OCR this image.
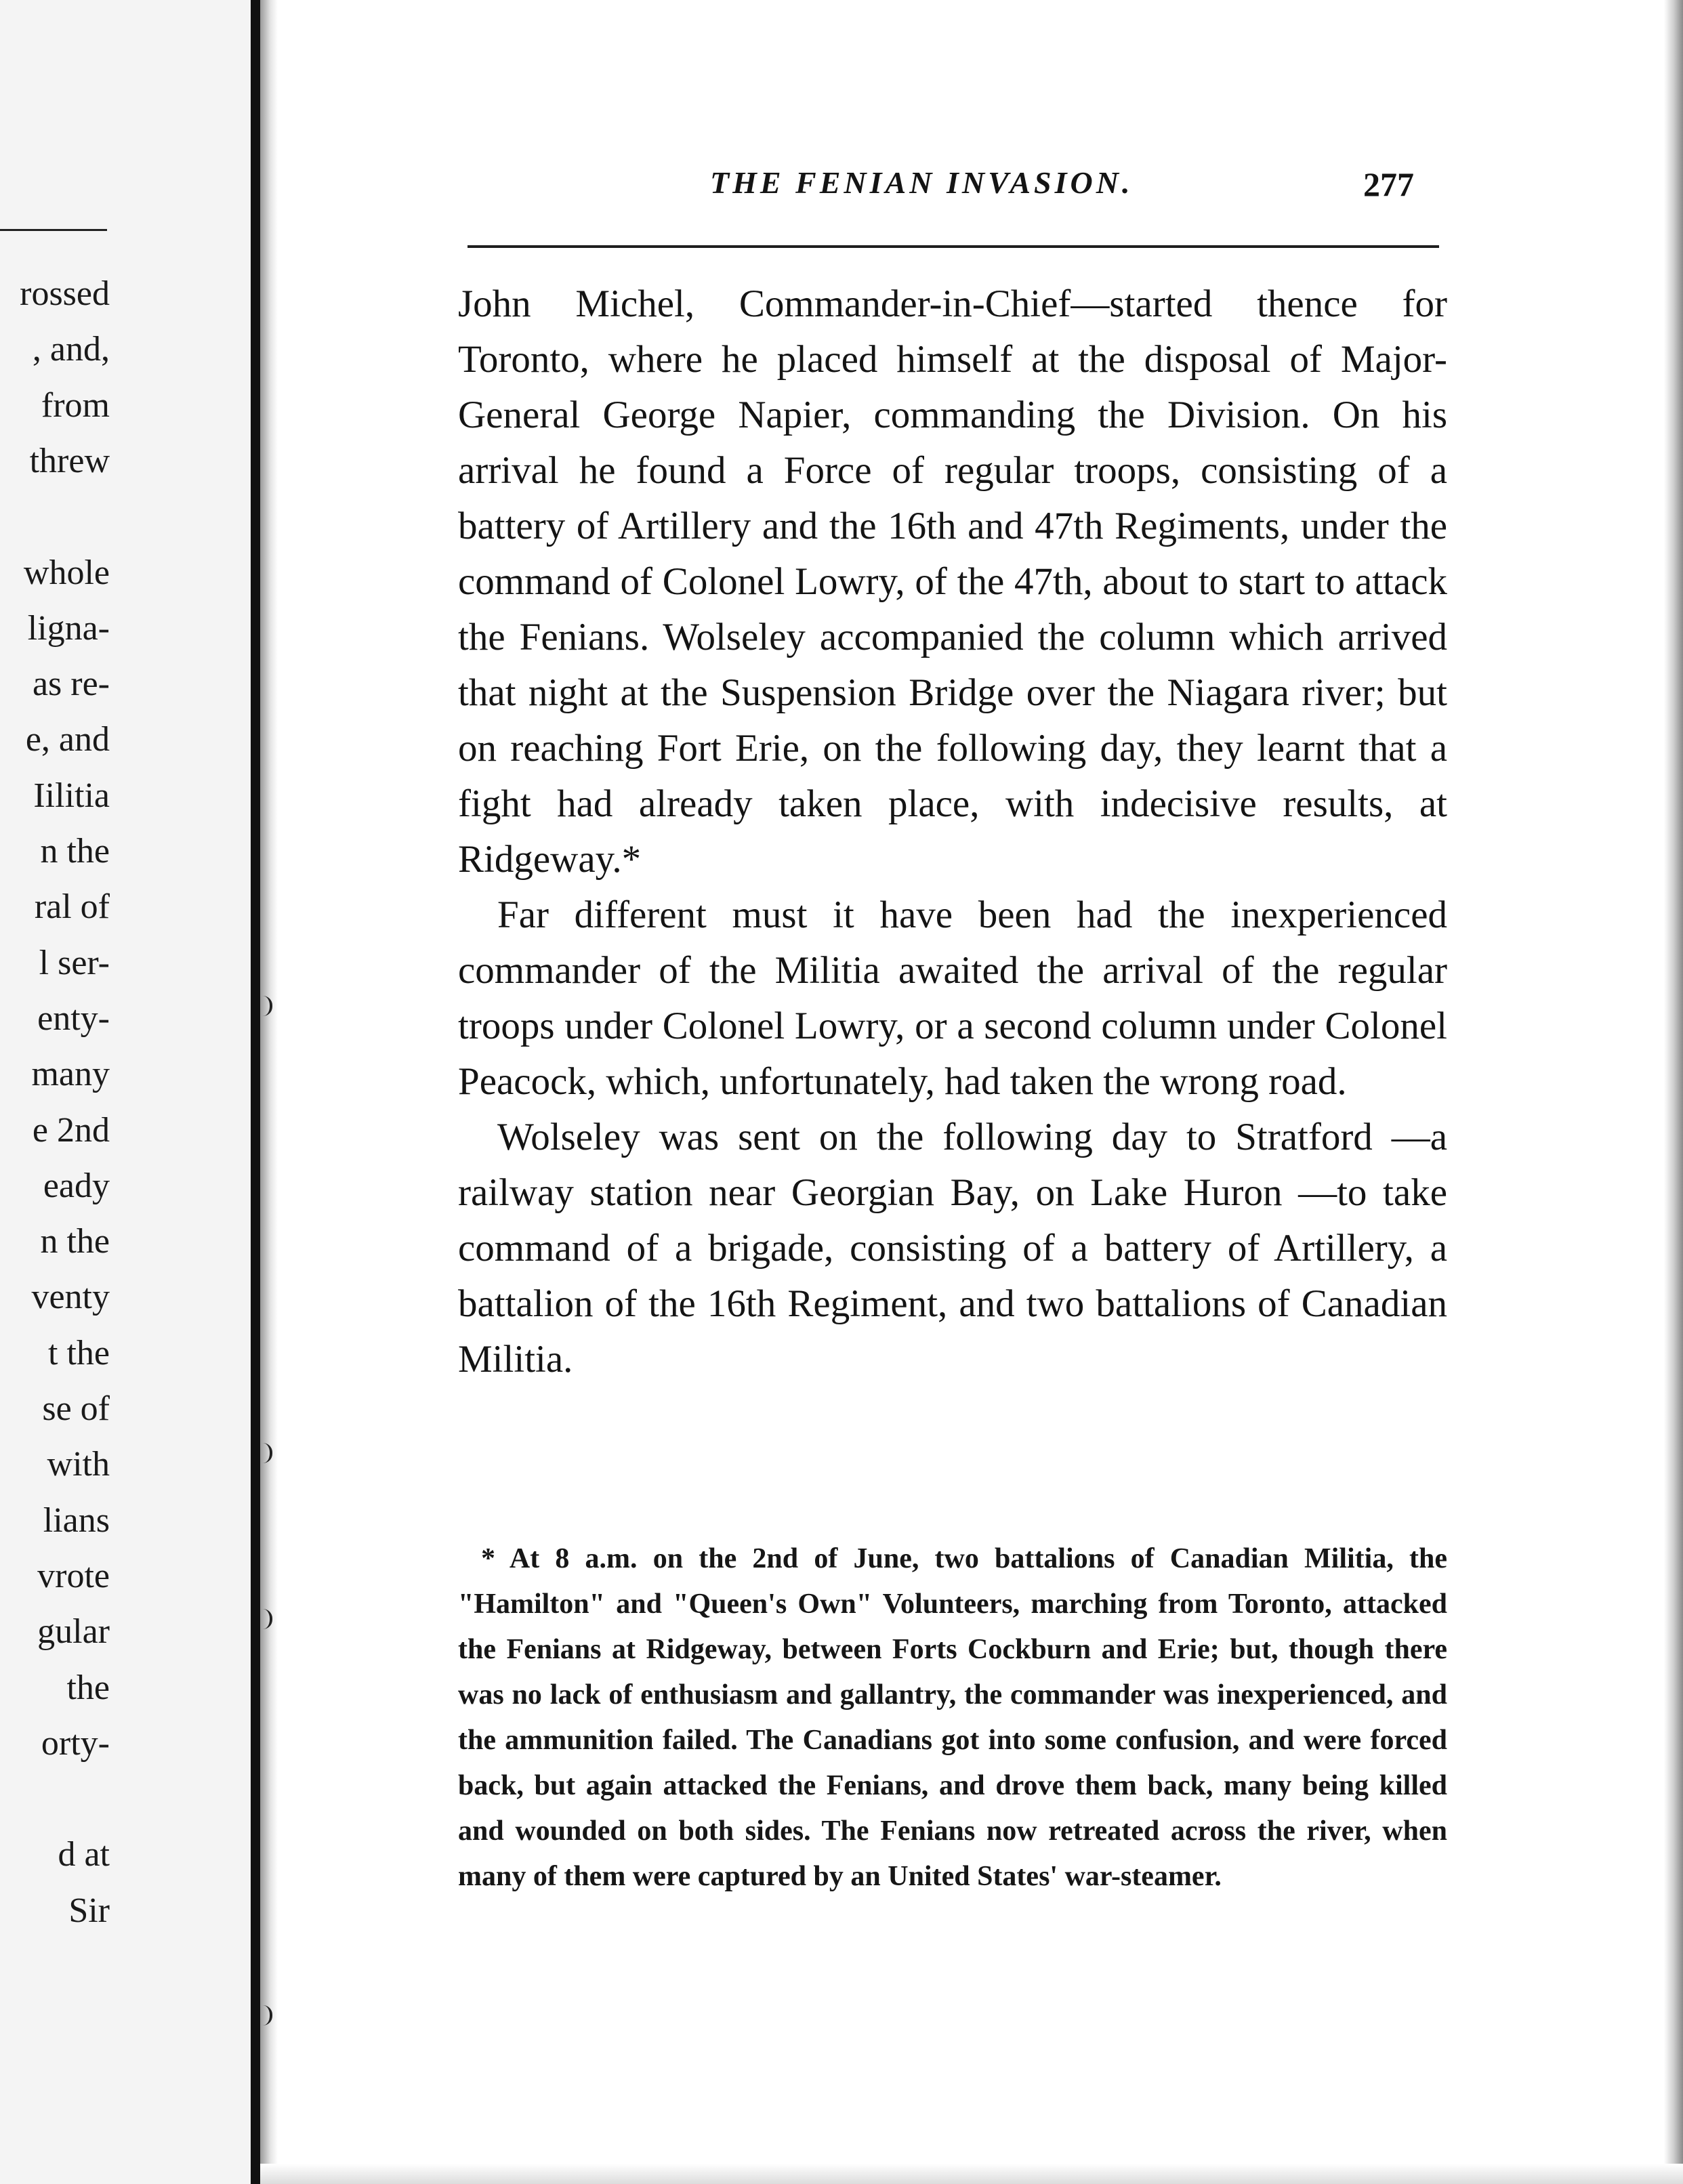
rossed
, and,
from
threw
whole
ligna-
as re-
e, and
Iilitia
n the
ral of
l ser-
enty-
many
e 2nd
eady
n the
venty
t the
se of
with
lians
vrote
gular
the
orty-
d at
Sir
THE FENIAN INVASION.	277

John Michel, Commander-in-Chief—started thence for Toronto, where he placed himself at the disposal of Major-General George Napier, commanding the Division. On his arrival he found a Force of regular troops, consisting of a battery of Artillery and the 16th and 47th Regiments, under the command of Colonel Lowry, of the 47th, about to start to attack the Fenians. Wolseley accompanied the column which arrived that night at the Suspension Bridge over the Niagara river; but on reaching Fort Erie, on the following day, they learnt that a fight had already taken place, with indecisive results, at Ridgeway.*

Far different must it have been had the inexperienced commander of the Militia awaited the arrival of the regular troops under Colonel Lowry, or a second column under Colonel Peacock, which, unfortunately, had taken the wrong road.

Wolseley was sent on the following day to Stratford —a railway station near Georgian Bay, on Lake Huron —to take command of a brigade, consisting of a battery of Artillery, a battalion of the 16th Regiment, and two battalions of Canadian Militia.

* At 8 a.m. on the 2nd of June, two battalions of Canadian Militia, the "Hamilton" and "Queen's Own" Volunteers, marching from Toronto, attacked the Fenians at Ridgeway, between Forts Cockburn and Erie; but, though there was no lack of enthusiasm and gallantry, the commander was inexperienced, and the ammunition failed. The Canadians got into some confusion, and were forced back, but again attacked the Fenians, and drove them back, many being killed and wounded on both sides. The Fenians now retreated across the river, when many of them were captured by an United States' war-steamer.
